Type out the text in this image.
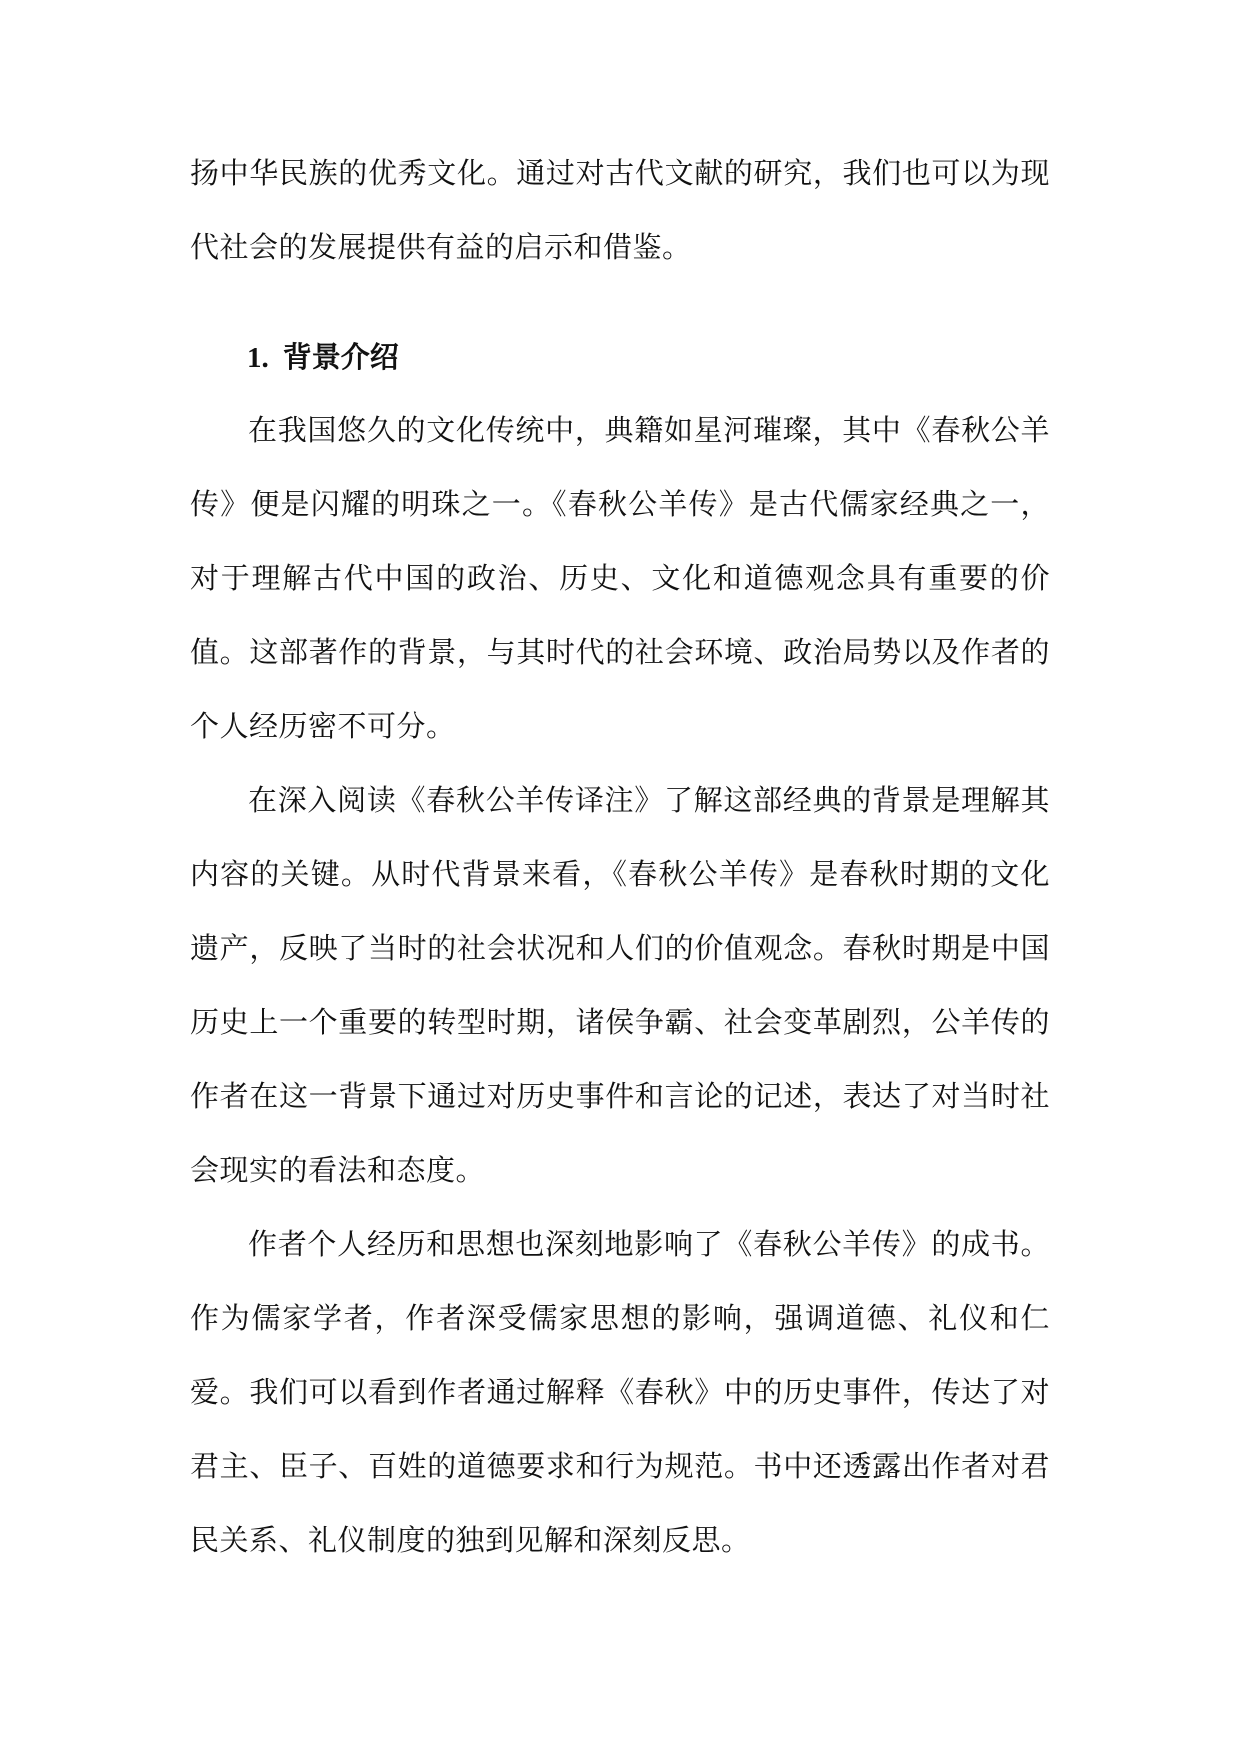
扬中华民族的优秀文化。通过对古代文献的研究，我们也可以为现代社会的发展提供有益的启示和借鉴。
1. 背景介绍
在我国悠久的文化传统中，典籍如星河璀璨，其中《春秋公羊传》便是闪耀的明珠之一。《春秋公羊传》是古代儒家经典之一，对于理解古代中国的政治、历史、文化和道德观念具有重要的价值。这部著作的背景，与其时代的社会环境、政治局势以及作者的个人经历密不可分。
在深入阅读《春秋公羊传译注》了解这部经典的背景是理解其内容的关键。从时代背景来看，《春秋公羊传》是春秋时期的文化遗产，反映了当时的社会状况和人们的价值观念。春秋时期是中国历史上一个重要的转型时期，诸侯争霸、社会变革剧烈，公羊传的作者在这一背景下通过对历史事件和言论的记述，表达了对当时社会现实的看法和态度。
作者个人经历和思想也深刻地影响了《春秋公羊传》的成书。作为儒家学者，作者深受儒家思想的影响，强调道德、礼仪和仁爱。我们可以看到作者通过解释《春秋》中的历史事件，传达了对君主、臣子、百姓的道德要求和行为规范。书中还透露出作者对君民关系、礼仪制度的独到见解和深刻反思。
